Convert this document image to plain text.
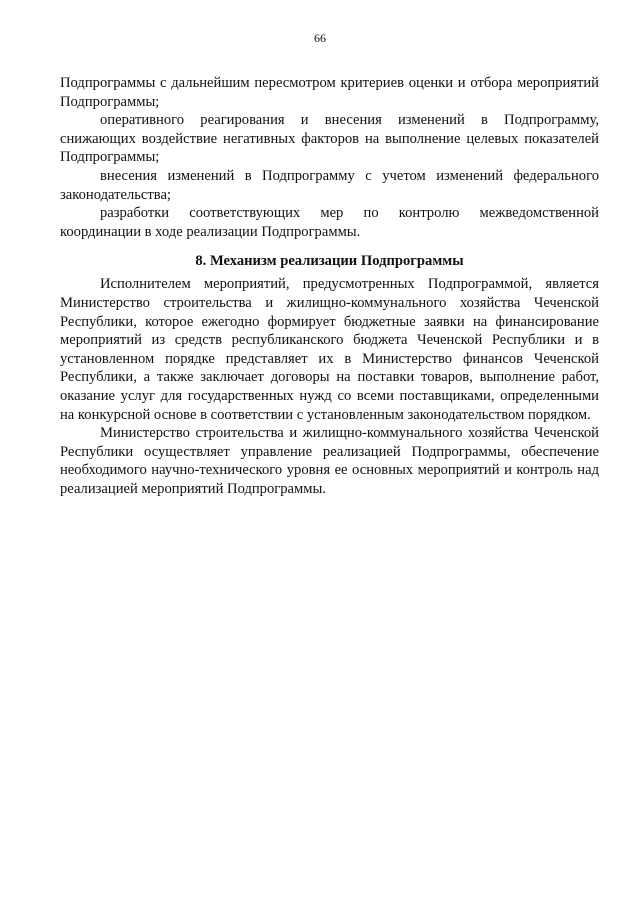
66

Подпрограммы с дальнейшим пересмотром критериев оценки и отбора мероприятий Подпрограммы;

оперативного реагирования и внесения изменений в Подпрограмму, снижающих воздействие негативных факторов на выполнение целевых показателей Подпрограммы;

внесения изменений в Подпрограмму с учетом изменений федерального законодательства;

разработки соответствующих мер по контролю межведомственной координации в ходе реализации Подпрограммы.

8. Механизм реализации Подпрограммы

Исполнителем мероприятий, предусмотренных Подпрограммой, является Министерство строительства и жилищно-коммунального хозяйства Чеченской Республики, которое ежегодно формирует бюджетные заявки на финансирование мероприятий из средств республиканского бюджета Чеченской Республики и в установленном порядке представляет их в Министерство финансов Чеченской Республики, а также заключает договоры на поставки товаров, выполнение работ, оказание услуг для государственных нужд со всеми поставщиками, определенными на конкурсной основе в соответствии с установленным законодательством порядком.

Министерство строительства и жилищно-коммунального хозяйства Чеченской Республики осуществляет управление реализацией Подпрограммы, обеспечение необходимого научно-технического уровня ее основных мероприятий и контроль над реализацией мероприятий Подпрограммы.
